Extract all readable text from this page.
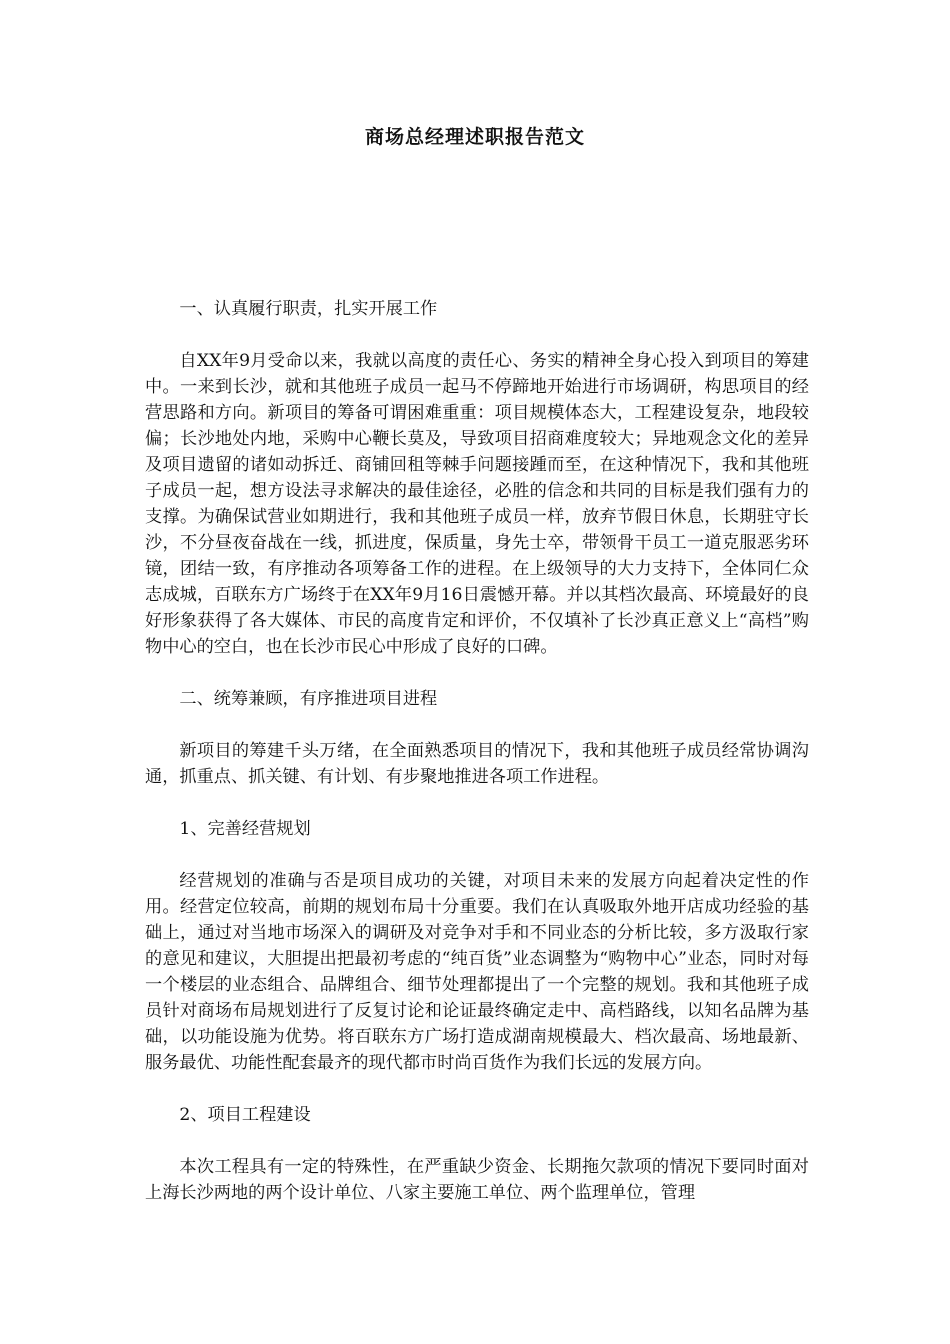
商场总经理述职报告范文

一、认真履行职责，扎实开展工作

自XX年9月受命以来，我就以高度的责任心、务实的精神全身心投入到项目的筹建中。一来到长沙，就和其他班子成员一起马不停蹄地开始进行市场调研，构思项目的经营思路和方向。新项目的筹备可谓困难重重：项目规模体态大，工程建设复杂，地段较偏；长沙地处内地，采购中心鞭长莫及，导致项目招商难度较大；异地观念文化的差异及项目遗留的诸如动拆迁、商铺回租等棘手问题接踵而至，在这种情况下，我和其他班子成员一起，想方设法寻求解决的最佳途径，必胜的信念和共同的目标是我们强有力的支撑。为确保试营业如期进行，我和其他班子成员一样，放弃节假日休息，长期驻守长沙，不分昼夜奋战在一线，抓进度，保质量，身先士卒，带领骨干员工一道克服恶劣环镜，团结一致，有序推动各项筹备工作的进程。在上级领导的大力支持下，全体同仁众志成城，百联东方广场终于在XX年9月16日震憾开幕。并以其档次最高、环境最好的良好形象获得了各大媒体、市民的高度肯定和评价，不仅填补了长沙真正意义上“高档”购物中心的空白，也在长沙市民心中形成了良好的口碑。

二、统筹兼顾，有序推进项目进程

新项目的筹建千头万绪，在全面熟悉项目的情况下，我和其他班子成员经常协调沟通，抓重点、抓关键、有计划、有步聚地推进各项工作进程。

1、完善经营规划

经营规划的准确与否是项目成功的关键，对项目未来的发展方向起着决定性的作用。经营定位较高，前期的规划布局十分重要。我们在认真吸取外地开店成功经验的基础上，通过对当地市场深入的调研及对竞争对手和不同业态的分析比较，多方汲取行家的意见和建议，大胆提出把最初考虑的“纯百货”业态调整为“购物中心”业态，同时对每一个楼层的业态组合、品牌组合、细节处理都提出了一个完整的规划。我和其他班子成员针对商场布局规划进行了反复讨论和论证最终确定走中、高档路线，以知名品牌为基础，以功能设施为优势。将百联东方广场打造成湖南规模最大、档次最高、场地最新、服务最优、功能性配套最齐的现代都市时尚百货作为我们长远的发展方向。

2、项目工程建设

本次工程具有一定的特殊性，在严重缺少资金、长期拖欠款项的情况下要同时面对上海长沙两地的两个设计单位、八家主要施工单位、两个监理单位，管理
